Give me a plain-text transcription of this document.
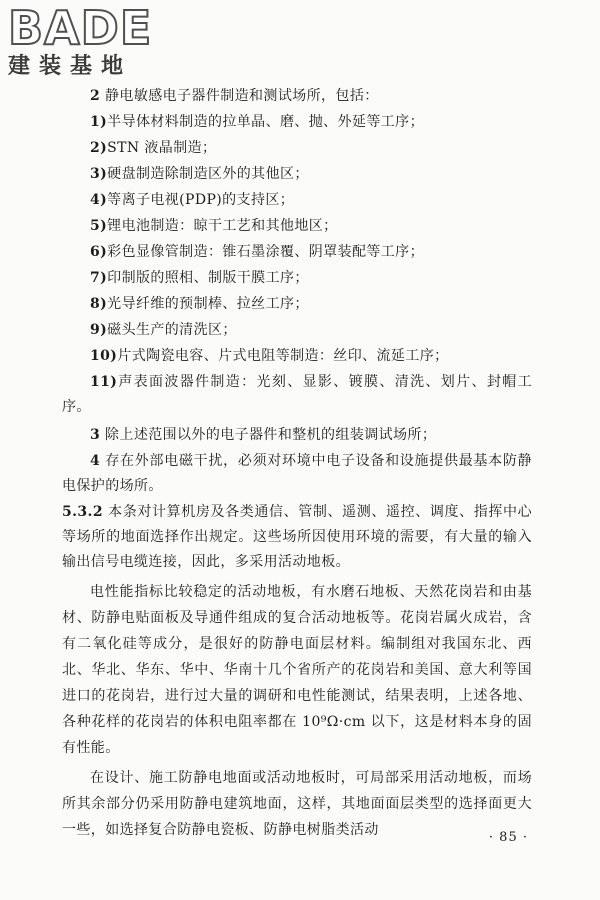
BADE
建装基地

2 静电敏感电子器件制造和测试场所，包括：

1)半导体材料制造的拉单晶、磨、抛、外延等工序；

2)STN 液晶制造；

3)硬盘制造除制造区外的其他区；

4)等离子电视(PDP)的支持区；

5)锂电池制造：晾干工艺和其他地区；

6)彩色显像管制造：锥石墨涂覆、阴罩装配等工序；

7)印制版的照相、制版干膜工序；

8)光导纤维的预制棒、拉丝工序；

9)磁头生产的清洗区；

10)片式陶瓷电容、片式电阻等制造：丝印、流延工序；

11)声表面波器件制造：光刻、显影、镀膜、清洗、划片、封帽工序。

3 除上述范围以外的电子器件和整机的组装调试场所；

4 存在外部电磁干扰，必须对环境中电子设备和设施提供最基本防静电保护的场所。

5.3.2 本条对计算机房及各类通信、管制、遥测、遥控、调度、指挥中心等场所的地面选择作出规定。这些场所因使用环境的需要，有大量的输入输出信号电缆连接，因此，多采用活动地板。

电性能指标比较稳定的活动地板，有水磨石地板、天然花岗岩和由基材、防静电贴面板及导通件组成的复合活动地板等。花岗岩属火成岩，含有二氧化硅等成分，是很好的防静电面层材料。编制组对我国东北、西北、华北、华东、华中、华南十几个省所产的花岗岩和美国、意大利等国进口的花岗岩，进行过大量的调研和电性能测试，结果表明，上述各地、各种花样的花岗岩的体积电阻率都在 10⁹Ω·cm 以下，这是材料本身的固有性能。

在设计、施工防静电地面或活动地板时，可局部采用活动地板，而场所其余部分仍采用防静电建筑地面，这样，其地面面层类型的选择面更大一些，如选择复合防静电瓷板、防静电树脂类活动	· 85 ·
